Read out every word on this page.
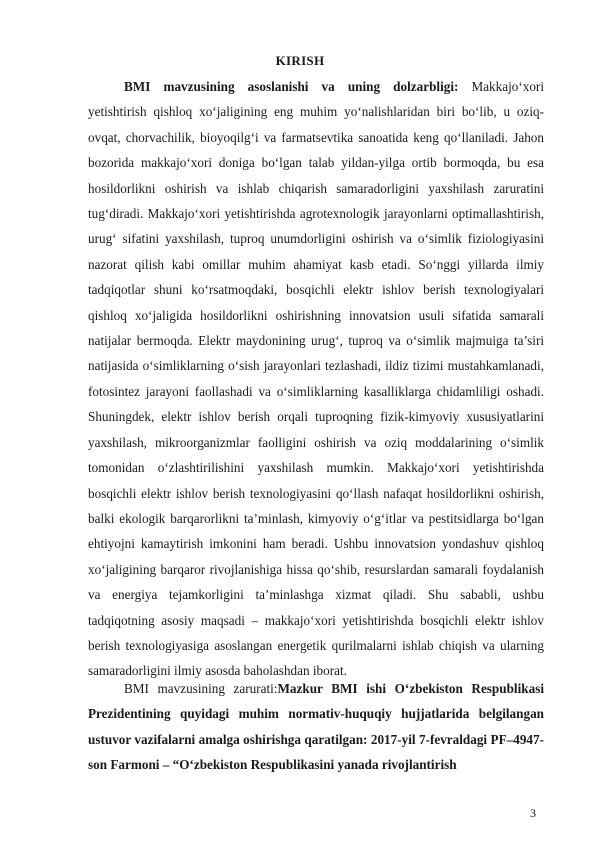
KIRISH

BMI mavzusining asoslanishi va uning dolzarbligi: Makkajo‘xori yetishtirish qishloq xo‘jaligining eng muhim yo‘nalishlaridan biri bo‘lib, u oziq-ovqat, chorvachilik, bioyoqilg‘i va farmatsevtika sanoatida keng qo‘llaniladi. Jahon bozorida makkajo‘xori doniga bo‘lgan talab yildan-yilga ortib bormoqda, bu esa hosildorlikni oshirish va ishlab chiqarish samaradorligini yaxshilash zaruratini tug‘diradi. Makkajo‘xori yetishtirishda agrotexnologik jarayonlarni optimallashtirish, urug‘ sifatini yaxshilash, tuproq unumdorligini oshirish va o‘simlik fiziologiyasini nazorat qilish kabi omillar muhim ahamiyat kasb etadi. So‘nggi yillarda ilmiy tadqiqotlar shuni ko‘rsatmoqdaki, bosqichli elektr ishlov berish texnologiyalari qishloq xo‘jaligida hosildorlikni oshirishning innovatsion usuli sifatida samarali natijalar bermoqda. Elektr maydonining urug‘, tuproq va o‘simlik majmuiga ta’siri natijasida o‘simliklarning o‘sish jarayonlari tezlashadi, ildiz tizimi mustahkamlanadi, fotosintez jarayoni faollashadi va o‘simliklarning kasalliklarga chidamliligi oshadi. Shuningdek, elektr ishlov berish orqali tuproqning fizik-kimyoviy xususiyatlarini yaxshilash, mikroorganizmlar faolligini oshirish va oziq moddalarining o‘simlik tomonidan o‘zlashtirilishini yaxshilash mumkin. Makkajo‘xori yetishtirishda bosqichli elektr ishlov berish texnologiyasini qo‘llash nafaqat hosildorlikni oshirish, balki ekologik barqarorlikni ta’minlash, kimyoviy o‘g‘itlar va pestitsidlarga bo‘lgan ehtiyojni kamaytirish imkonini ham beradi. Ushbu innovatsion yondashuv qishloq xo‘jaligining barqaror rivojlanishiga hissa qo‘shib, resurslardan samarali foydalanish va energiya tejamkorligini ta’minlashga xizmat qiladi. Shu sababli, ushbu tadqiqotning asosiy maqsadi – makkajo‘xori yetishtirishda bosqichli elektr ishlov berish texnologiyasiga asoslangan energetik qurilmalarni ishlab chiqish va ularning samaradorligini ilmiy asosda baholashdan iborat.

BMI mavzusining zarurati:Mazkur BMI ishi O‘zbekiston Respublikasi Prezidentining quyidagi muhim normativ-huquqiy hujjatlarida belgilangan ustuvor vazifalarni amalga oshirishga qaratilgan: 2017-yil 7-fevraldagi PF–4947-son Farmoni – “O‘zbekiston Respublikasini yanada rivojlantirish

3
